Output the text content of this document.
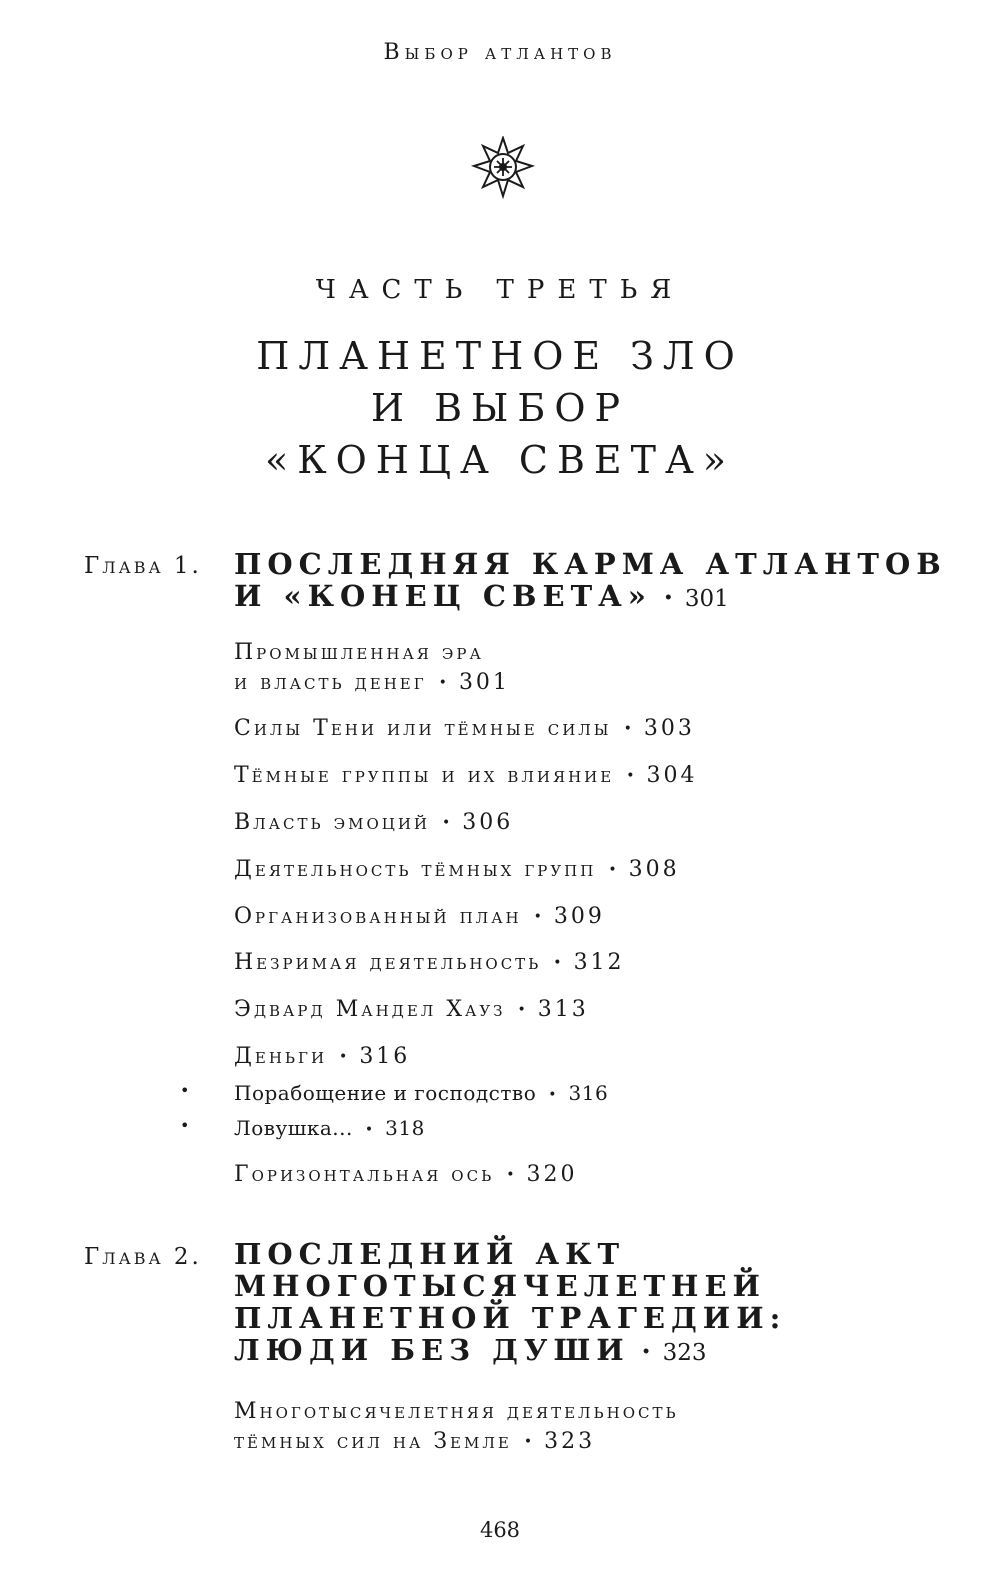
Выбор атлантов
ЧАСТЬ ТРЕТЬЯ
ПЛАНЕТНОЕ ЗЛО
И ВЫБОР
«КОНЦА СВЕТА»
Глава 1. ПОСЛЕДНЯЯ КАРМА АТЛАНТОВ
И «КОНЕЦ СВЕТА» • 301
Промышленная эра
и власть денег • 301
Силы Тени или тёмные силы • 303
Тёмные группы и их влияние • 304
Власть эмоций • 306
Деятельность тёмных групп • 308
Организованный план • 309
Незримая деятельность • 312
Эдвард Мандел Хауз • 313
Деньги • 316
• Порабощение и господство • 316
• Ловушка... • 318
Горизонтальная ось • 320
Глава 2. ПОСЛЕДНИЙ АКТ
МНОГОТЫСЯЧЕЛЕТНЕЙ
ПЛАНЕТНОЙ ТРАГЕДИИ:
ЛЮДИ БЕЗ ДУШИ • 323
Многотысячелетняя деятельность
тёмных сил на Земле • 323
468
